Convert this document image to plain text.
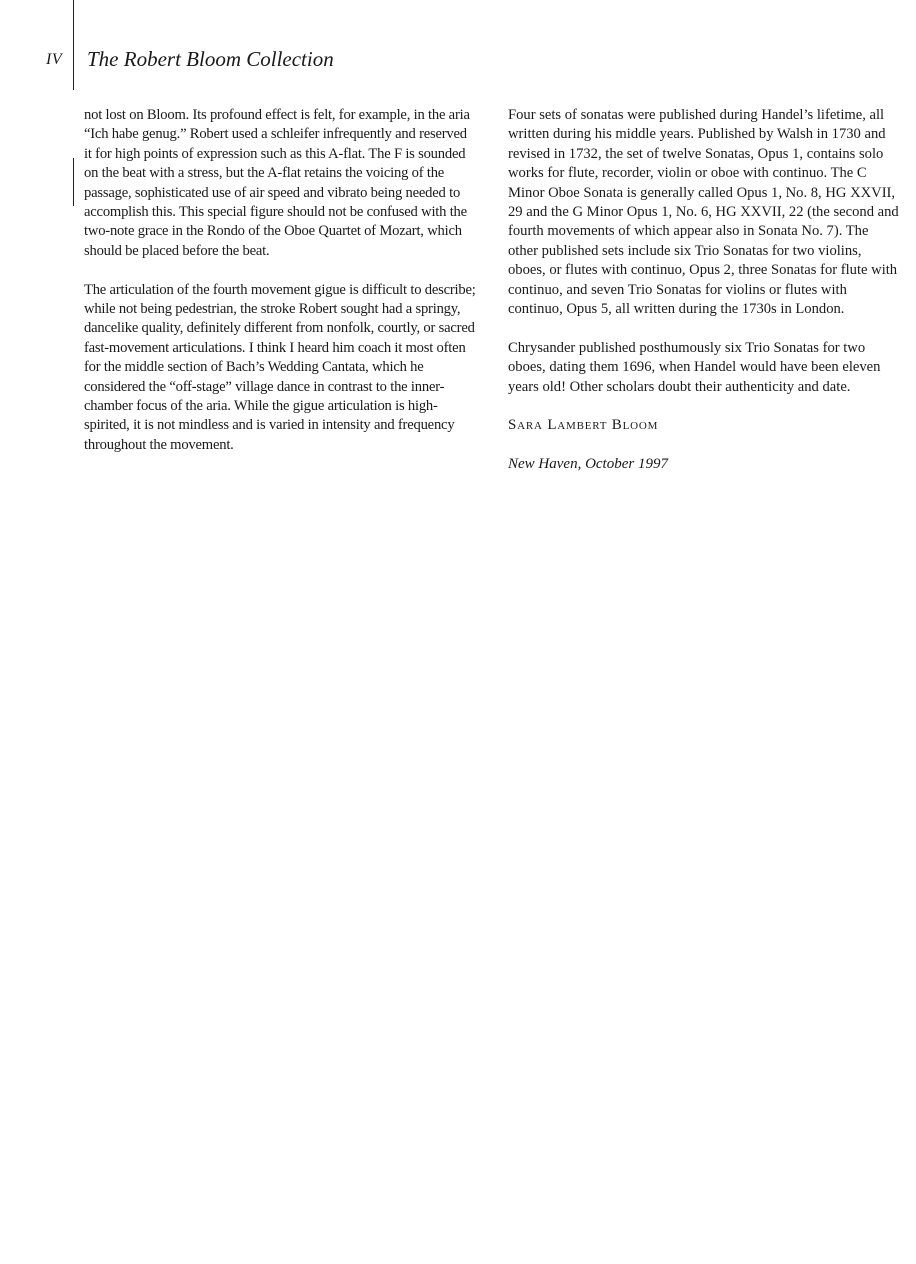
IV The Robert Bloom Collection

not lost on Bloom. Its profound effect is felt, for example, in the aria “Ich habe genug.” Robert used a schleifer infrequently and reserved it for high points of expression such as this A-flat. The F is sounded on the beat with a stress, but the A-flat retains the voicing of the passage, sophisticated use of air speed and vibrato being needed to accomplish this. This special figure should not be confused with the two-note grace in the Rondo of the Oboe Quartet of Mozart, which should be placed before the beat.

The articulation of the fourth movement gigue is difficult to describe; while not being pedestrian, the stroke Robert sought had a springy, dancelike quality, definitely different from nonfolk, courtly, or sacred fast-movement articulations. I think I heard him coach it most often for the middle section of Bach’s Wedding Cantata, which he considered the “off-stage” village dance in contrast to the inner-chamber focus of the aria. While the gigue articulation is high-spirited, it is not mindless and is varied in intensity and frequency throughout the movement.

Four sets of sonatas were published during Handel’s lifetime, all written during his middle years. Published by Walsh in 1730 and revised in 1732, the set of twelve Sonatas, Opus 1, contains solo works for flute, recorder, violin or oboe with continuo. The C Minor Oboe Sonata is generally called Opus 1, No. 8, HG XXVII, 29 and the G Minor Opus 1, No. 6, HG XXVII, 22 (the second and fourth movements of which appear also in Sonata No. 7). The other published sets include six Trio Sonatas for two violins, oboes, or flutes with continuo, Opus 2, three Sonatas for flute with continuo, and seven Trio Sonatas for violins or flutes with continuo, Opus 5, all written during the 1730s in London.

Chrysander published posthumously six Trio Sonatas for two oboes, dating them 1696, when Handel would have been eleven years old! Other scholars doubt their authenticity and date.

Sara Lambert Bloom

New Haven, October 1997
